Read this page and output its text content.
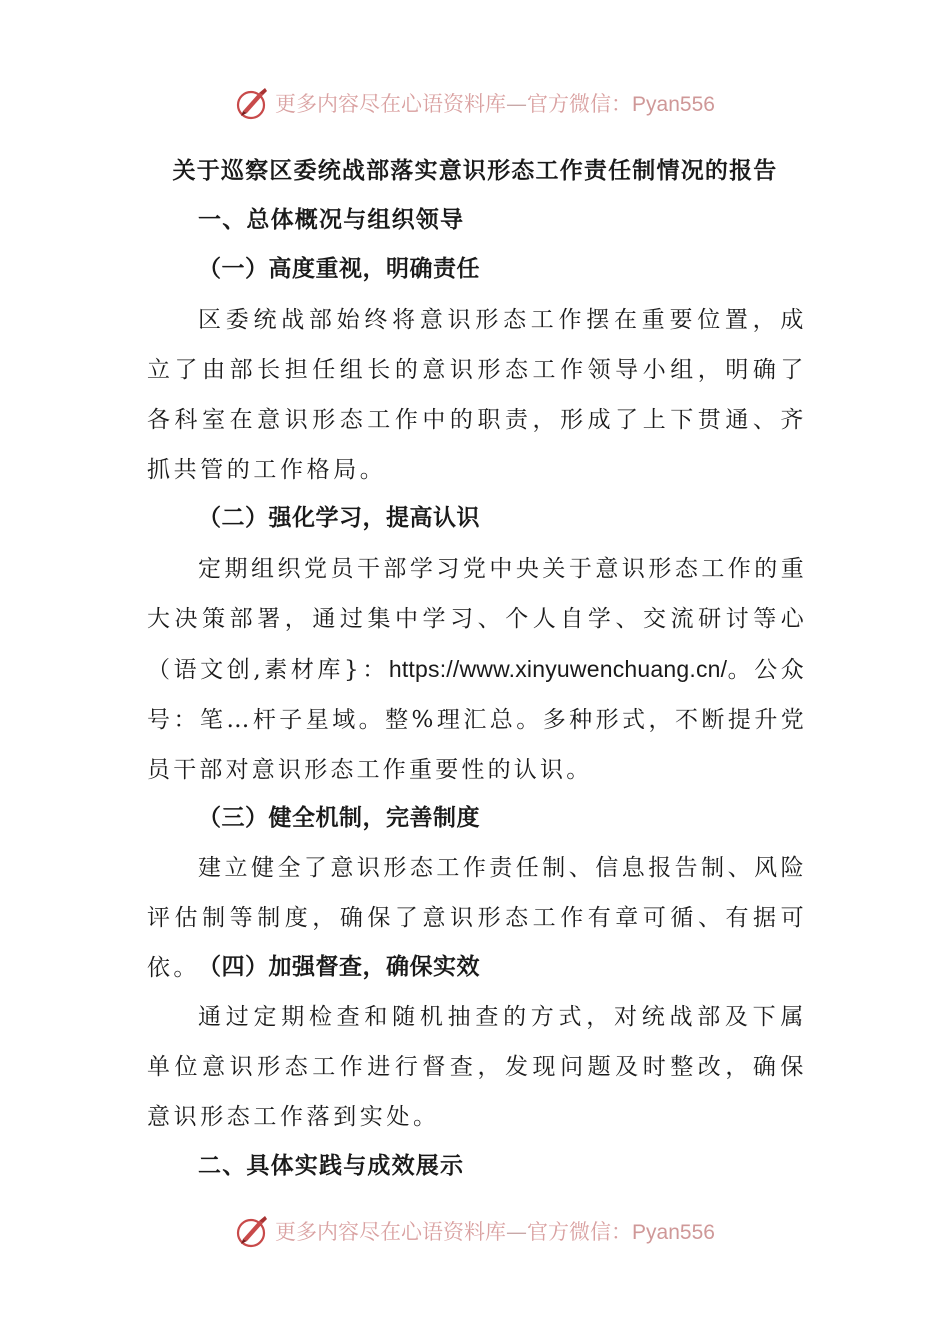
更多内容尽在心语资料库—官方微信：Pyan556
关于巡察区委统战部落实意识形态工作责任制情况的报告
一、总体概况与组织领导
（一）高度重视，明确责任

区委统战部始终将意识形态工作摆在重要位置，成立了由部长担任组长的意识形态工作领导小组，明确了各科室在意识形态工作中的职责，形成了上下贯通、齐抓共管的工作格局。

（二）强化学习，提高认识

定期组织党员干部学习党中央关于意识形态工作的重大决策部署，通过集中学习、个人自学、交流研讨等心（语文创,素材库}：https://www.xinyuwenchuang.cn/。公众号：笔…杆子星域。整%理汇总。多种形式，不断提升党员干部对意识形态工作重要性的认识。

（三）健全机制，完善制度

建立健全了意识形态工作责任制、信息报告制、风险评估制等制度，确保了意识形态工作有章可循、有据可依。

（四）加强督查，确保实效

通过定期检查和随机抽查的方式，对统战部及下属单位意识形态工作进行督查，发现问题及时整改，确保意识形态工作落到实处。

二、具体实践与成效展示
更多内容尽在心语资料库—官方微信：Pyan556
